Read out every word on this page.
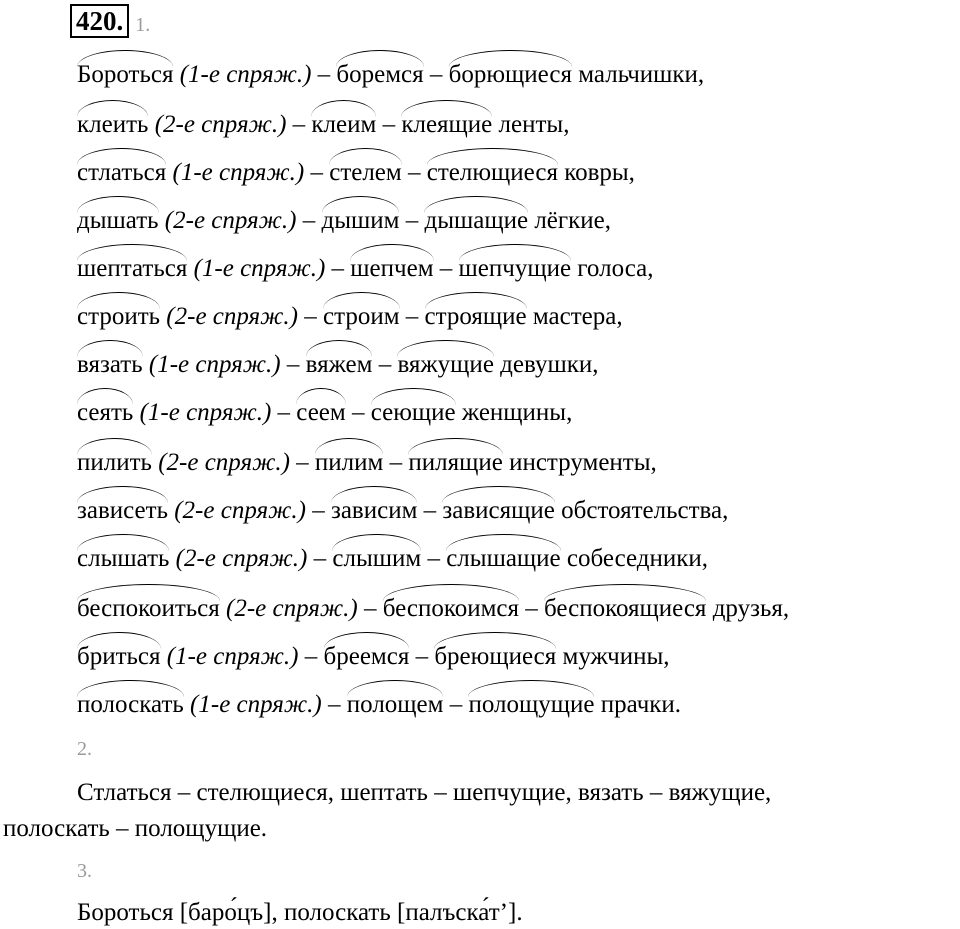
420. 1.
Бороться (1-е спряж.) – боремся – борющиеся мальчишки,
клеить (2-е спряж.) – клеим – клеящие ленты,
стлаться (1-е спряж.) – стелем – стелющиеся ковры,
дышать (2-е спряж.) – дышим – дышащие лёгкие,
шептаться (1-е спряж.) – шепчем – шепчущие голоса,
строить (2-е спряж.) – строим – строящие мастера,
вязать (1-е спряж.) – вяжем – вяжущие девушки,
сеять (1-е спряж.) – сеем – сеющие женщины,
пилить (2-е спряж.) – пилим – пилящие инструменты,
зависеть (2-е спряж.) – зависим – зависящие обстоятельства,
слышать (2-е спряж.) – слышим – слышащие собеседники,
беспокоиться (2-е спряж.) – беспокоимся – беспокоящиеся друзья,
бриться (1-е спряж.) – бреемся – бреющиеся мужчины,
полоскать (1-е спряж.) – полощем – полощущие прачки.
2.
Стлаться – стелющиеся, шептать – шепчущие, вязать – вяжущие,
полоскать – полощущие.
3.
Бороться [баро́цъ], полоскать [палъска́т’].
